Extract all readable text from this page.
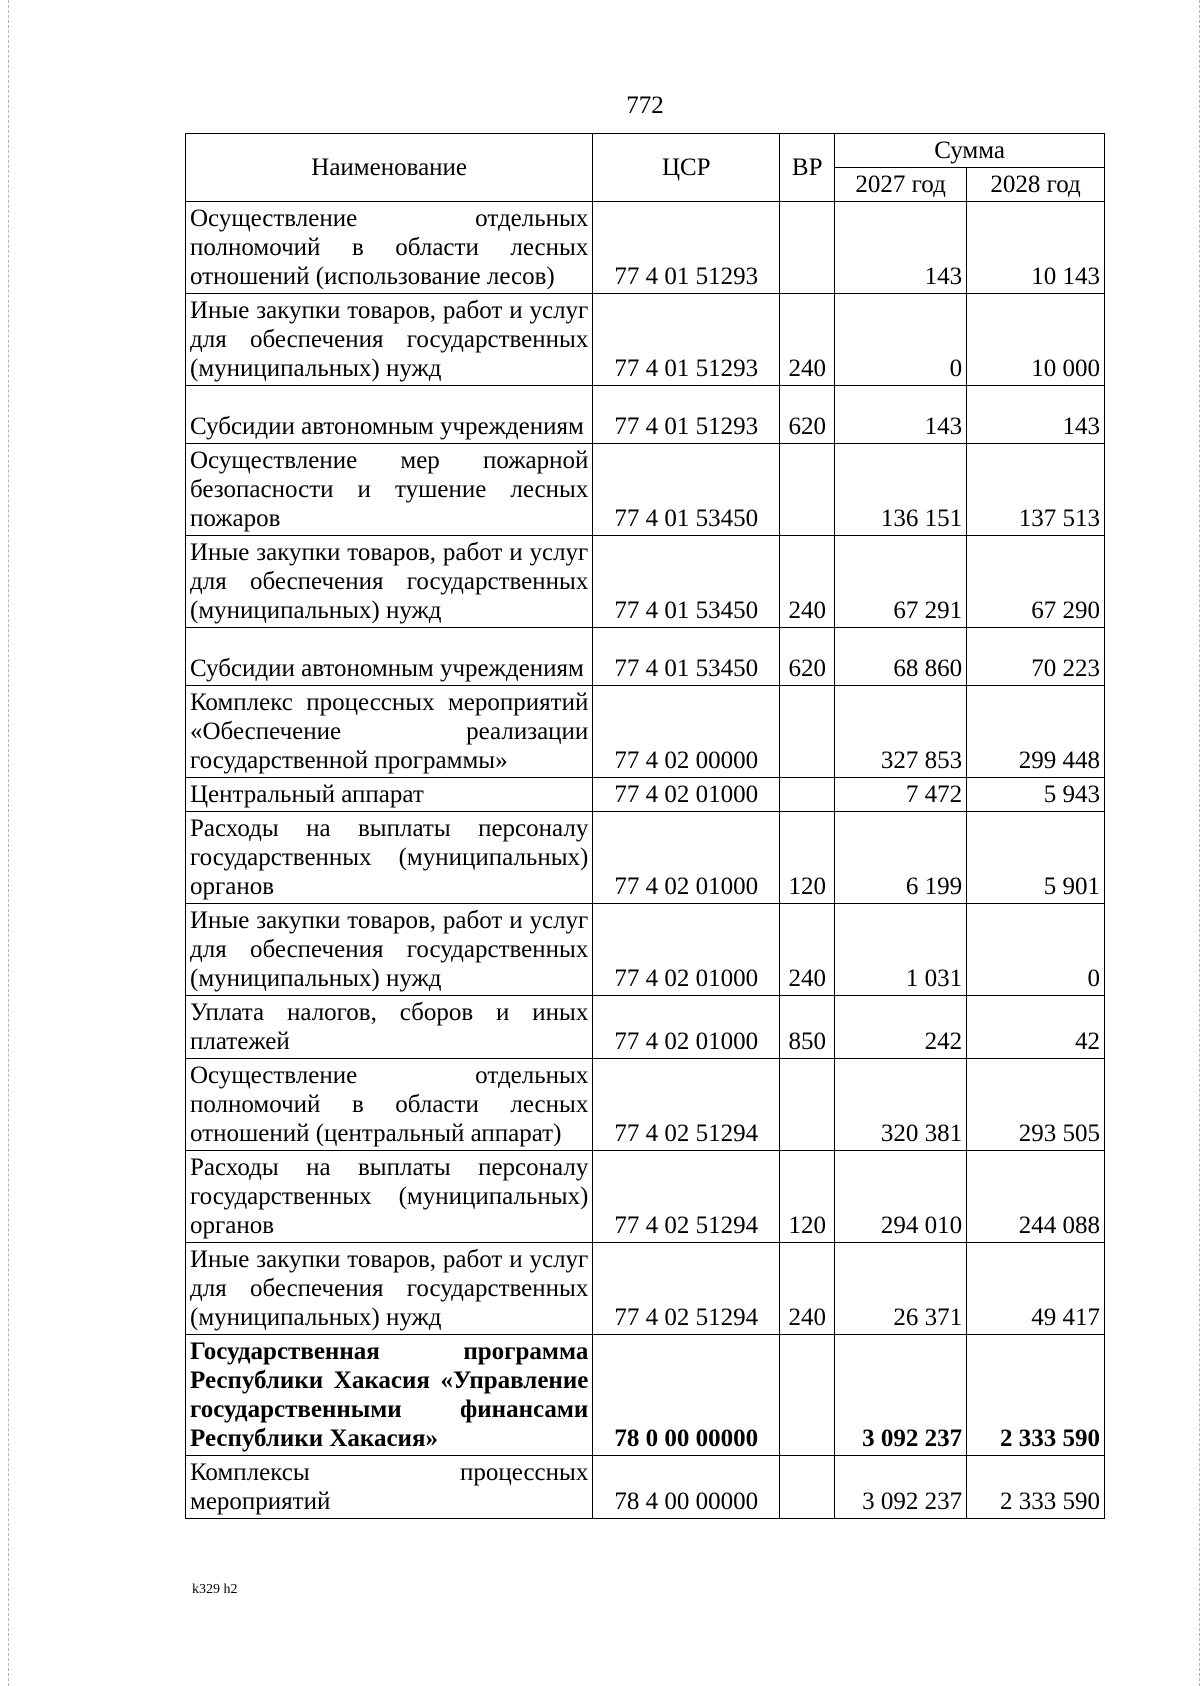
772
Наименование	ЦСР	ВР	Сумма	
			2027 год	2028 год
Осуществление отдельных полномочий в области лесных отношений (использование лесов)	77 4 01 51293		143	10 143
Иные закупки товаров, работ и услуг для обеспечения государственных (муниципальных) нужд	77 4 01 51293	240	0	10 000
Субсидии автономным учреждениям	77 4 01 51293	620	143	143
Осуществление мер пожарной безопасности и тушение лесных пожаров	77 4 01 53450		136 151	137 513
Иные закупки товаров, работ и услуг для обеспечения государственных (муниципальных) нужд	77 4 01 53450	240	67 291	67 290
Субсидии автономным учреждениям	77 4 01 53450	620	68 860	70 223
Комплекс процессных мероприятий «Обеспечение реализации государственной программы»	77 4 02 00000		327 853	299 448
Центральный аппарат	77 4 02 01000		7 472	5 943
Расходы на выплаты персоналу государственных (муниципальных) органов	77 4 02 01000	120	6 199	5 901
Иные закупки товаров, работ и услуг для обеспечения государственных (муниципальных) нужд	77 4 02 01000	240	1 031	0
Уплата налогов, сборов и иных платежей	77 4 02 01000	850	242	42
Осуществление отдельных полномочий в области лесных отношений (центральный аппарат)	77 4 02 51294		320 381	293 505
Расходы на выплаты персоналу государственных (муниципальных) органов	77 4 02 51294	120	294 010	244 088
Иные закупки товаров, работ и услуг для обеспечения государственных (муниципальных) нужд	77 4 02 51294	240	26 371	49 417
Государственная программа Республики Хакасия «Управление государственными финансами Республики Хакасия»	78 0 00 00000		3 092 237	2 333 590
Комплексы процессных мероприятий	78 4 00 00000		3 092 237	2 333 590
k329 h2
